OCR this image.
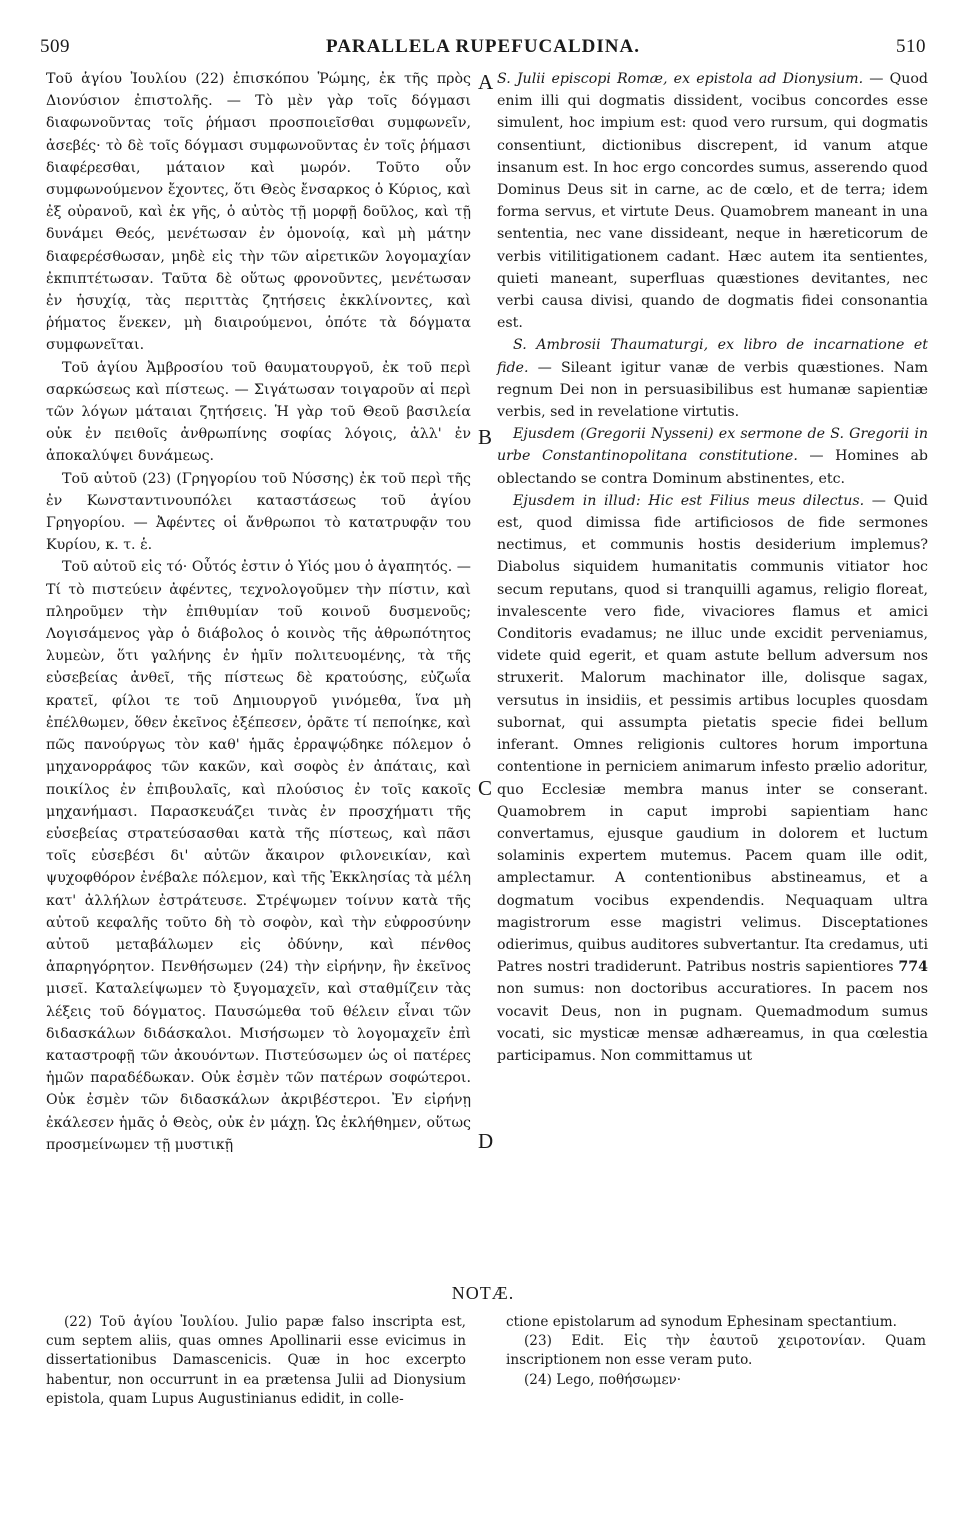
509	PARALLELA RUPEFUCALDINA.	510

Τοῦ ἁγίου Ἰουλίου (22) ἐπισκόπου Ῥώμης, ἐκ τῆς πρὸς Διονύσιον ἐπιστολῆς. — Τὸ μὲν γὰρ τοῖς δόγμασι διαφωνοῦντας τοῖς ῥήμασι προσποιεῖσθαι συμφωνεῖν, ἀσεβές· τὸ δὲ τοῖς δόγμασι συμφωνοῦντας ἐν τοῖς ῥήμασι διαφέρεσθαι, μάταιον καὶ μωρόν. Τοῦτο οὖν συμφωνούμενον ἔχοντες, ὅτι Θεὸς ἔνσαρκος ὁ Κύριος, καὶ ἐξ οὐρανοῦ, καὶ ἐκ γῆς, ὁ αὐτὸς τῇ μορφῇ δοῦλος, καὶ τῇ δυνάμει Θεός, μενέτωσαν ἐν ὁμονοίᾳ, καὶ μὴ μάτην διαφερέσθωσαν, μηδὲ εἰς τὴν τῶν αἱρετικῶν λογομαχίαν ἐκπιπτέτωσαν. Ταῦτα δὲ οὕτως φρονοῦντες, μενέτωσαν ἐν ἡσυχίᾳ, τὰς περιττὰς ζητήσεις ἐκκλίνοντες, καὶ ῥήματος ἕνεκεν, μὴ διαιρούμενοι, ὁπότε τὰ δόγματα συμφωνεῖται.

Τοῦ ἁγίου Ἀμβροσίου τοῦ θαυματουργοῦ, ἐκ τοῦ περὶ σαρκώσεως καὶ πίστεως. — Σιγάτωσαν τοιγαροῦν αἱ περὶ τῶν λόγων μάταιαι ζητήσεις. Ἡ γὰρ τοῦ Θεοῦ βασιλεία οὐκ ἐν πειθοῖς ἀνθρωπίνης σοφίας λόγοις, ἀλλ' ἐν ἀποκαλύψει δυνάμεως.

Τοῦ αὐτοῦ (23) (Γρηγορίου τοῦ Νύσσης) ἐκ τοῦ περὶ τῆς ἐν Κωνσταντινουπόλει καταστάσεως τοῦ ἁγίου Γρηγορίου. — Ἀφέντες οἱ ἄνθρωποι τὸ κατατρυφᾷν του Κυρίου, κ. τ. ἑ.

Τοῦ αὐτοῦ εἰς τό· Οὗτός ἐστιν ὁ Υἱός μου ὁ ἀγαπητός. — Τί τὸ πιστεύειν ἀφέντες, τεχνολογοῦμεν τὴν πίστιν, καὶ πληροῦμεν τὴν ἐπιθυμίαν τοῦ κοινοῦ δυσμενοῦς; Λογισάμενος γὰρ ὁ διάβολος ὁ κοινὸς τῆς ἀθρωπότητος λυμεὼν, ὅτι γαλήνης ἐν ἡμῖν πολιτευομένης, τὰ τῆς εὐσεβείας ἀνθεῖ, τῆς πίστεως δὲ κρατούσης, εὐζωΐα κρατεῖ, φίλοι τε τοῦ Δημιουργοῦ γινόμεθα, ἵνα μὴ ἐπέλθωμεν, ὅθεν ἐκεῖνος ἐξέπεσεν, ὁρᾶτε τί πεποίηκε, καὶ πῶς πανούργως τὸν καθ' ἡμᾶς ἐρραψῴδηκε πόλεμον ὁ μηχανορράφος τῶν κακῶν, καὶ σοφὸς ἐν ἀπάταις, καὶ ποικίλος ἐν ἐπιβουλαῖς, καὶ πλούσιος ἐν τοῖς κακοῖς μηχανήμασι. Παρασκευάζει τινὰς ἐν προσχήματι τῆς εὐσεβείας στρατεύσασθαι κατὰ τῆς πίστεως, καὶ πᾶσι τοῖς εὐσεβέσι δι' αὐτῶν ἄκαιρον φιλονεικίαν, καὶ ψυχοφθόρον ἐνέβαλε πόλεμον, καὶ τῆς Ἐκκλησίας τὰ μέλη κατ' ἀλλήλων ἐστράτευσε. Στρέψωμεν τοίνυν κατὰ τῆς αὐτοῦ κεφαλῆς τοῦτο δὴ τὸ σοφὸν, καὶ τὴν εὐφροσύνην αὐτοῦ μεταβάλωμεν εἰς ὀδύνην, καὶ πένθος ἀπαρηγόρητον. Πενθήσωμεν (24) τὴν εἰρήνην, ἣν ἐκεῖνος μισεῖ. Καταλείψωμεν τὸ ξυγομαχεῖν, καὶ σταθμίζειν τὰς λέξεις τοῦ δόγματος. Παυσώμεθα τοῦ θέλειν εἶναι τῶν διδασκάλων διδάσκαλοι. Μισήσωμεν τὸ λογομαχεῖν ἐπὶ καταστροφῇ τῶν ἀκουόντων. Πιστεύσωμεν ὡς οἱ πατέρες ἡμῶν παραδέδωκαν. Οὐκ ἐσμὲν τῶν πατέρων σοφώτεροι. Οὐκ ἐσμὲν τῶν διδασκάλων ἀκριβέστεροι. Ἐν εἰρήνῃ ἐκάλεσεν ἡμᾶς ὁ Θεὸς, οὐκ ἐν μάχῃ. Ὡς ἐκλήθημεν, οὕτως προσμείνωμεν τῇ μυστικῇ

A
B
C
D

S. Julii episcopi Romæ, ex epistola ad Dionysium. — Quod enim illi qui dogmatis dissident, vocibus concordes esse simulent, hoc impium est: quod vero rursum, qui dogmatis consentiunt, dictionibus discrepent, id vanum atque insanum est. In hoc ergo concordes sumus, asserendo quod Dominus Deus sit in carne, ac de cœlo, et de terra; idem forma servus, et virtute Deus. Quamobrem maneant in una sententia, nec vane dissideant, neque in hæreticorum de verbis vitilitigationem cadant. Hæc autem ita sentientes, quieti maneant, superfluas quæstiones devitantes, nec verbi causa divisi, quando de dogmatis fidei consonantia est.

S. Ambrosii Thaumaturgi, ex libro de incarnatione et fide. — Sileant igitur vanæ de verbis quæstiones. Nam regnum Dei non in persuasibilibus est humanæ sapientiæ verbis, sed in revelatione virtutis.

Ejusdem (Gregorii Nysseni) ex sermone de S. Gregorii in urbe Constantinopolitana constitutione. — Homines ab oblectando se contra Dominum abstinentes, etc.

Ejusdem in illud: Hic est Filius meus dilectus. — Quid est, quod dimissa fide artificiosos de fide sermones nectimus, et communis hostis desiderium implemus? Diabolus siquidem humanitatis communis vitiator hoc secum reputans, quod si tranquilli agamus, religio floreat, invalescente vero fide, vivaciores flamus et amici Conditoris evadamus; ne illuc unde excidit perveniamus, videte quid egerit, et quam astute bellum adversum nos struxerit. Malorum machinator ille, dolisque sagax, versutus in insidiis, et pessimis artibus locuples quosdam subornat, qui assumpta pietatis specie fidei bellum inferant. Omnes religionis cultores horum importuna contentione in perniciem animarum infesto prælio adoritur, quo Ecclesiæ membra manus inter se conserant. Quamobrem in caput improbi sapientiam hanc convertamus, ejusque gaudium in dolorem et luctum solaminis expertem mutemus. Pacem quam ille odit, amplectamur. A contentionibus abstineamus, et a dogmatum vocibus expendendis. Nequaquam ultra magistrorum esse magistri velimus. Disceptationes odierimus, quibus auditores subvertantur. Ita credamus, uti Patres nostri tradiderunt. Patribus nostris sapientiores 774 non sumus: non doctoribus accuratiores. In pacem nos vocavit Deus, non in pugnam. Quemadmodum sumus vocati, sic mysticæ mensæ adhæreamus, in qua cœlestia participamus. Non committamus ut

NOTÆ.

(22) Τοῦ ἁγίου Ἰουλίου. Julio papæ falso inscripta est, cum septem aliis, quas omnes Apollinarii esse evicimus in dissertationibus Damascenicis. Quæ in hoc excerpto habentur, non occurrunt in ea prætensa Julii ad Dionysium epistola, quam Lupus Augustinianus edidit, in colle-

ctione epistolarum ad synodum Ephesinam spectantium.

(23) Edit. Εἰς τὴν ἑαυτοῦ χειροτονίαν. Quam inscriptionem non esse veram puto.

(24) Lego, ποθήσωμεν·
